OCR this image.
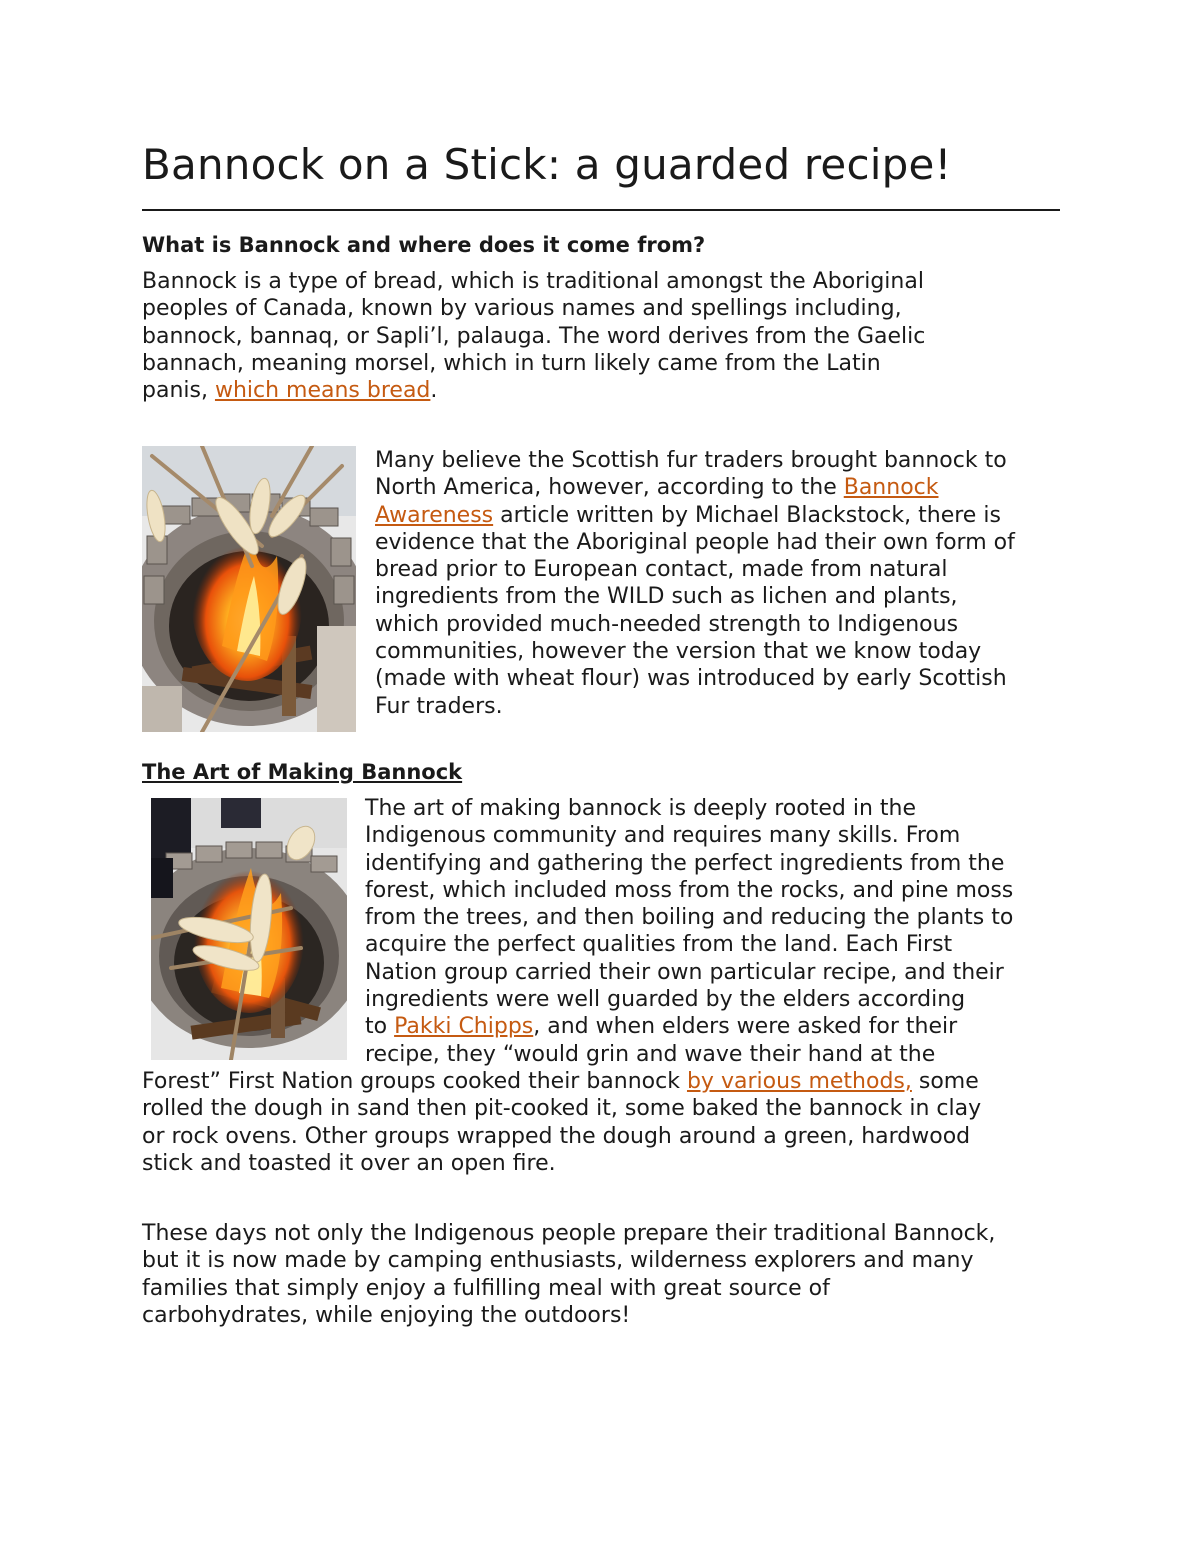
Bannock on a Stick: a guarded recipe!
What is Bannock and where does it come from?
Bannock is a type of bread, which is traditional amongst the Aboriginal
peoples of Canada, known by various names and spellings including,
bannock, bannaq, or Sapli’l, palauga. The word derives from the Gaelic
bannach, meaning morsel, which in turn likely came from the Latin
panis, which means bread.
Many believe the Scottish fur traders brought bannock to
North America, however, according to the Bannock
Awareness article written by Michael Blackstock, there is
evidence that the Aboriginal people had their own form of
bread prior to European contact, made from natural
ingredients from the WILD such as lichen and plants,
which provided much-needed strength to Indigenous
communities, however the version that we know today
(made with wheat flour) was introduced by early Scottish
Fur traders.
The Art of Making Bannock
The art of making bannock is deeply rooted in the
Indigenous community and requires many skills. From
identifying and gathering the perfect ingredients from the
forest, which included moss from the rocks, and pine moss
from the trees, and then boiling and reducing the plants to
acquire the perfect qualities from the land. Each First
Nation group carried their own particular recipe, and their
ingredients were well guarded by the elders according
to Pakki Chipps, and when elders were asked for their
recipe, they “would grin and wave their hand at the
Forest” First Nation groups cooked their bannock by various methods, some
rolled the dough in sand then pit-cooked it, some baked the bannock in clay
or rock ovens. Other groups wrapped the dough around a green, hardwood
stick and toasted it over an open fire.
These days not only the Indigenous people prepare their traditional Bannock,
but it is now made by camping enthusiasts, wilderness explorers and many
families that simply enjoy a fulfilling meal with great source of
carbohydrates, while enjoying the outdoors!
